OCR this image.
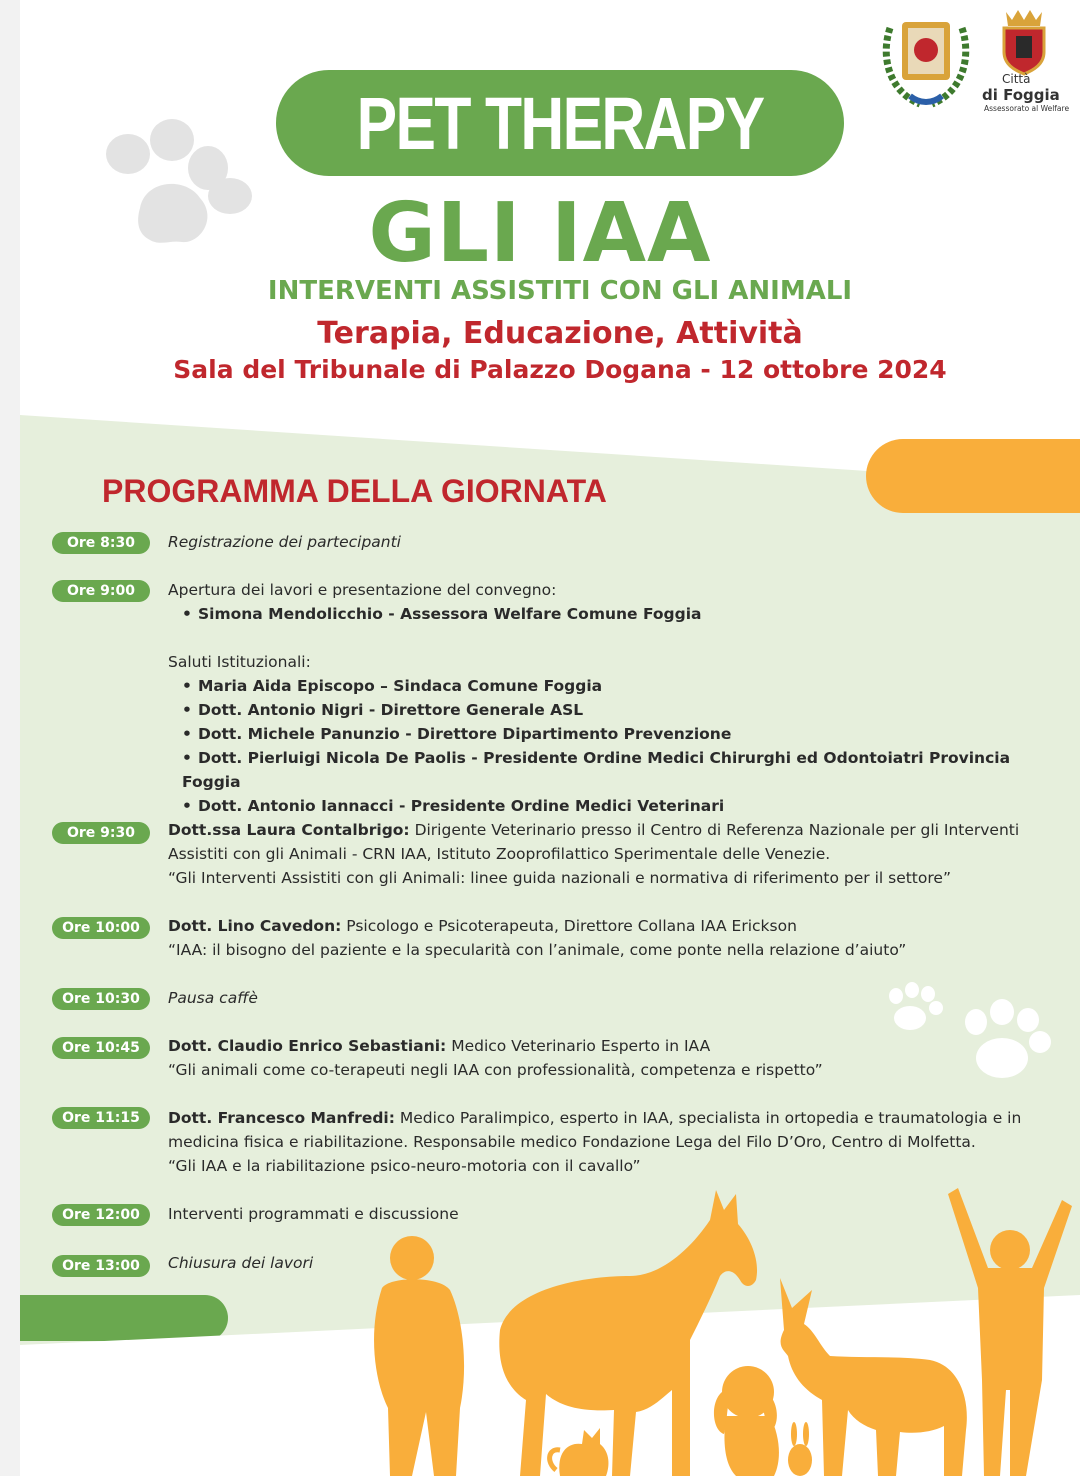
Città
di Foggia
Assessorato al Welfare
PET THERAPY
GLI IAA
INTERVENTI ASSISTITI CON GLI ANIMALI
Terapia, Educazione, Attività
Sala del Tribunale di Palazzo Dogana - 12 ottobre 2024
PROGRAMMA DELLA GIORNATA
Ore 8:30	Registrazione dei partecipanti
Ore 9:00	Apertura dei lavori e presentazione del convegno:
• Simona Mendolicchio - Assessora Welfare Comune Foggia
Saluti Istituzionali:
• Maria Aida Episcopo – Sindaca Comune Foggia
• Dott. Antonio Nigri - Direttore Generale ASL
• Dott. Michele Panunzio - Direttore Dipartimento Prevenzione
• Dott. Pierluigi Nicola De Paolis - Presidente Ordine Medici Chirurghi ed Odontoiatri Provincia Foggia
• Dott. Antonio Iannacci - Presidente Ordine Medici Veterinari
Ore 9:30	Dott.ssa Laura Contalbrigo: Dirigente Veterinario presso il Centro di Referenza Nazionale per gli Interventi
Assistiti con gli Animali - CRN IAA, Istituto Zooprofilattico Sperimentale delle Venezie.
“Gli Interventi Assistiti con gli Animali: linee guida nazionali e normativa di riferimento per il settore”
Ore 10:00	Dott. Lino Cavedon: Psicologo e Psicoterapeuta, Direttore Collana IAA Erickson
“IAA: il bisogno del paziente e la specularità con l’animale, come ponte nella relazione d’aiuto”
Ore 10:30	Pausa caffè
Ore 10:45	Dott. Claudio Enrico Sebastiani: Medico Veterinario Esperto in IAA
“Gli animali come co-terapeuti negli IAA con professionalità, competenza e rispetto”
Ore 11:15	Dott. Francesco Manfredi: Medico Paralimpico, esperto in IAA, specialista in ortopedia e traumatologia e in
medicina fisica e riabilitazione. Responsabile medico Fondazione Lega del Filo D’Oro, Centro di Molfetta.
“Gli IAA e la riabilitazione psico-neuro-motoria con il cavallo”
Ore 12:00	Interventi programmati e discussione
Ore 13:00	Chiusura dei lavori
